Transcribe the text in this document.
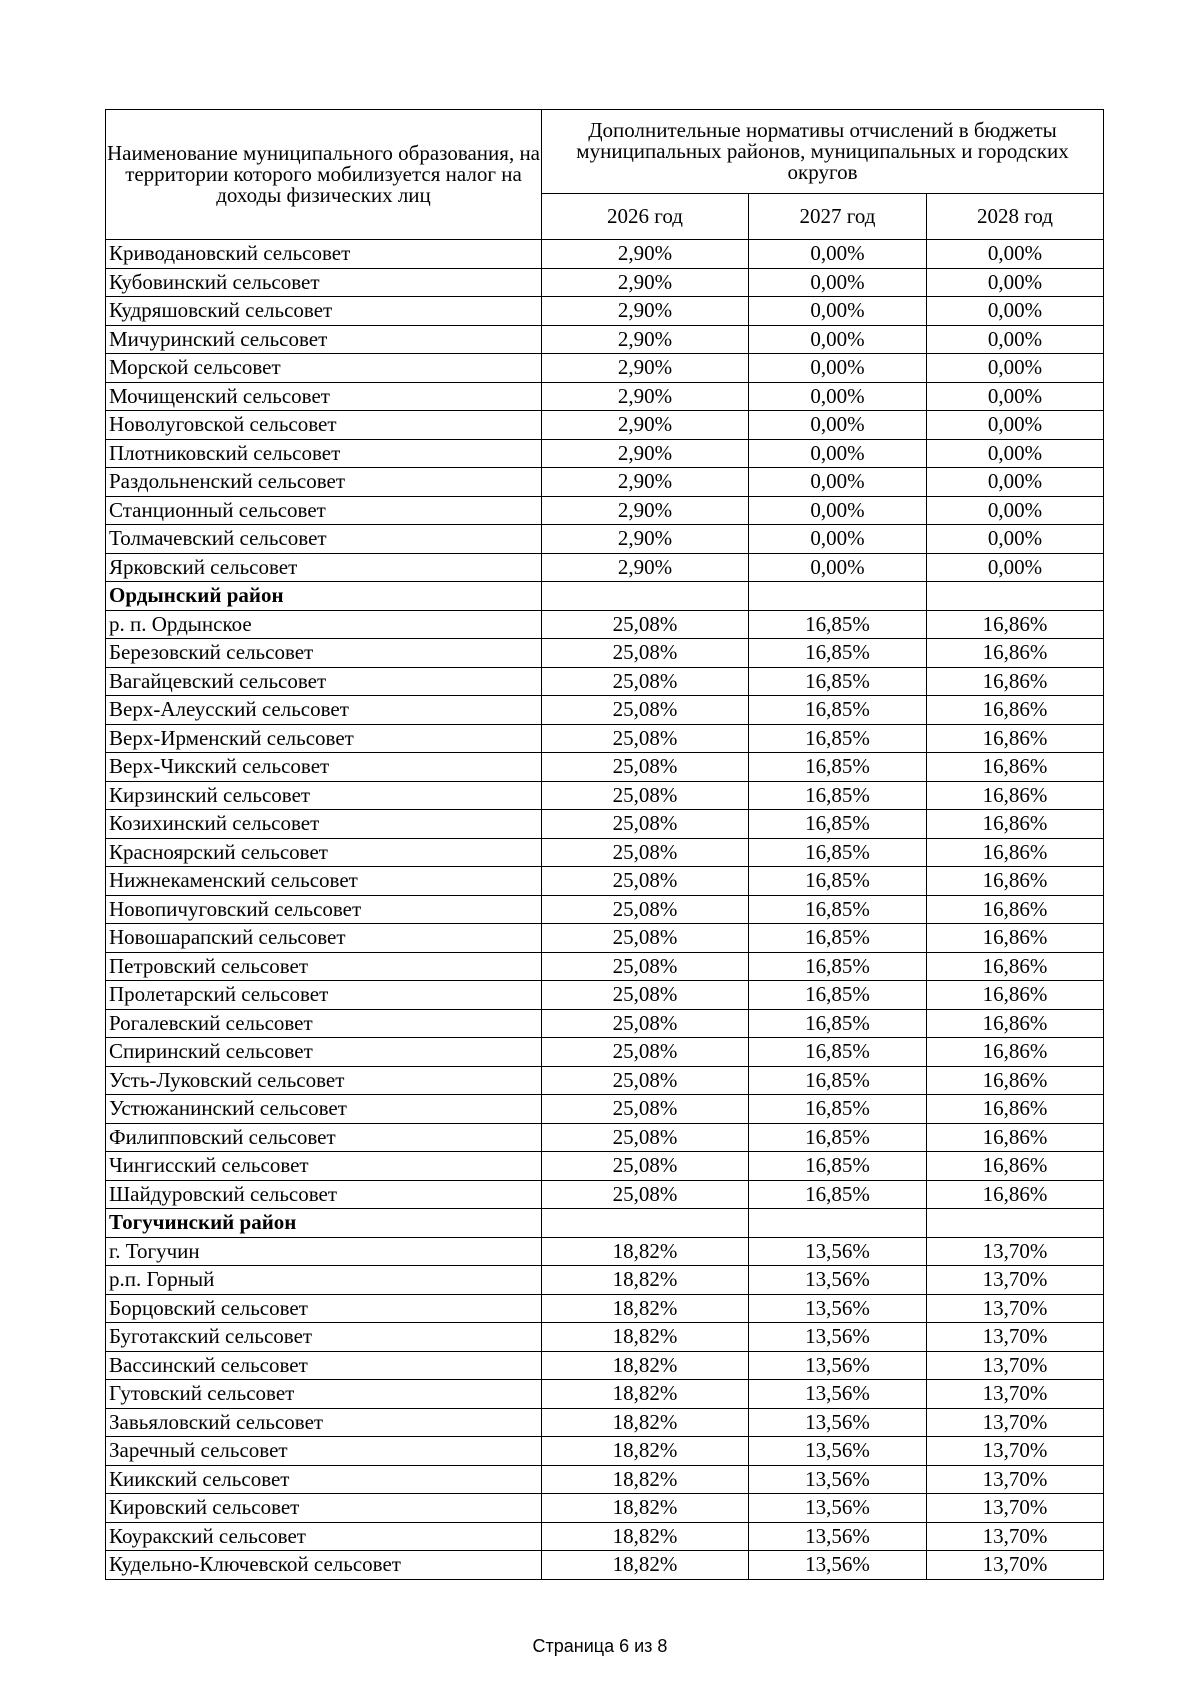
Наименование муниципального образования, на территории которого мобилизуется налог на доходы физических лиц	Дополнительные нормативы отчислений в бюджеты муниципальных районов, муниципальных и городских округов		
	2026 год	2027 год	2028 год
Криводановский сельсовет	2,90%	0,00%	0,00%
Кубовинский сельсовет	2,90%	0,00%	0,00%
Кудряшовский сельсовет	2,90%	0,00%	0,00%
Мичуринский сельсовет	2,90%	0,00%	0,00%
Морской сельсовет	2,90%	0,00%	0,00%
Мочищенский сельсовет	2,90%	0,00%	0,00%
Новолуговской сельсовет	2,90%	0,00%	0,00%
Плотниковский сельсовет	2,90%	0,00%	0,00%
Раздольненский сельсовет	2,90%	0,00%	0,00%
Станционный сельсовет	2,90%	0,00%	0,00%
Толмачевский сельсовет	2,90%	0,00%	0,00%
Ярковский сельсовет	2,90%	0,00%	0,00%
Ордынский район			
р. п. Ордынское	25,08%	16,85%	16,86%
Березовский сельсовет	25,08%	16,85%	16,86%
Вагайцевский сельсовет	25,08%	16,85%	16,86%
Верх-Алеусский сельсовет	25,08%	16,85%	16,86%
Верх-Ирменский сельсовет	25,08%	16,85%	16,86%
Верх-Чикский сельсовет	25,08%	16,85%	16,86%
Кирзинский сельсовет	25,08%	16,85%	16,86%
Козихинский сельсовет	25,08%	16,85%	16,86%
Красноярский сельсовет	25,08%	16,85%	16,86%
Нижнекаменский сельсовет	25,08%	16,85%	16,86%
Новопичуговский сельсовет	25,08%	16,85%	16,86%
Новошарапский сельсовет	25,08%	16,85%	16,86%
Петровский сельсовет	25,08%	16,85%	16,86%
Пролетарский сельсовет	25,08%	16,85%	16,86%
Рогалевский сельсовет	25,08%	16,85%	16,86%
Спиринский сельсовет	25,08%	16,85%	16,86%
Усть-Луковский сельсовет	25,08%	16,85%	16,86%
Устюжанинский сельсовет	25,08%	16,85%	16,86%
Филипповский сельсовет	25,08%	16,85%	16,86%
Чингисский сельсовет	25,08%	16,85%	16,86%
Шайдуровский сельсовет	25,08%	16,85%	16,86%
Тогучинский район			
г. Тогучин	18,82%	13,56%	13,70%
р.п. Горный	18,82%	13,56%	13,70%
Борцовский сельсовет	18,82%	13,56%	13,70%
Буготакский сельсовет	18,82%	13,56%	13,70%
Вассинский сельсовет	18,82%	13,56%	13,70%
Гутовский сельсовет	18,82%	13,56%	13,70%
Завьяловский сельсовет	18,82%	13,56%	13,70%
Заречный сельсовет	18,82%	13,56%	13,70%
Киикский сельсовет	18,82%	13,56%	13,70%
Кировский сельсовет	18,82%	13,56%	13,70%
Коуракский сельсовет	18,82%	13,56%	13,70%
Кудельно-Ключевской сельсовет	18,82%	13,56%	13,70%
Страница 6 из 8
